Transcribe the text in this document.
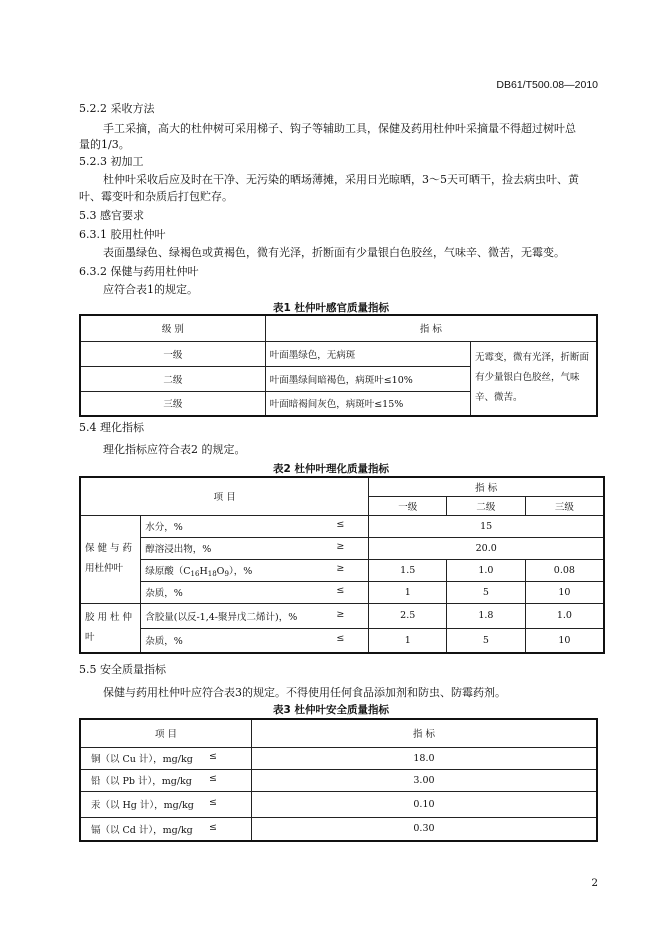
DB61/T500.08—2010
5.2.2 采收方法
手工采摘，高大的杜仲树可采用梯子、钩子等辅助工具，保健及药用杜仲叶采摘量不得超过树叶总
量的1/3。
5.2.3 初加工
杜仲叶采收后应及时在干净、无污染的晒场薄摊，采用日光晾晒，3～5天可晒干，捡去病虫叶、黄
叶、霉变叶和杂质后打包贮存。
5.3 感官要求
6.3.1 胶用杜仲叶
表面墨绿色、绿褐色或黄褐色，微有光泽，折断面有少量银白色胶丝，气味辛、微苦，无霉变。
6.3.2 保健与药用杜仲叶
应符合表1的规定。
表1 杜仲叶感官质量指标
级 别	指 标	
一级	叶面墨绿色，无病斑	无霉变，微有光泽，折断面有少量银白色胶丝，气味辛、微苦。
二级	叶面墨绿间暗褐色，病斑叶≤10%	
三级	叶面暗褐间灰色，病斑叶≤15%	
5.4 理化指标
理化指标应符合表2 的规定。
表2 杜仲叶理化质量指标
项 目		指 标		
		一级	二级	三级
保 健 与 药 用杜仲叶	水分，% ≤	15		
	醇溶浸出物，% ≥	20.0		
	绿原酸$(C_{16}H_{18}O_9)$，% ≥	1.5	1.0	0.08
	杂质，% ≤	1	5	10
胶 用 杜 仲 叶	含胶量(以反-1,4-聚异戊二烯计)，% ≥	2.5	1.8	1.0
	杂质，% ≤	1	5	10
5.5 安全质量指标
保健与药用杜仲叶应符合表3的规定。不得使用任何食品添加剂和防虫、防霉药剂。
表3 杜仲叶安全质量指标
项 目	指 标
铜（以 Cu 计），mg/kg ≤	18.0
铅（以 Pb 计），mg/kg ≤	3.00
汞（以 Hg 计），mg/kg ≤	0.10
镉（以 Cd 计），mg/kg ≤	0.30
2
